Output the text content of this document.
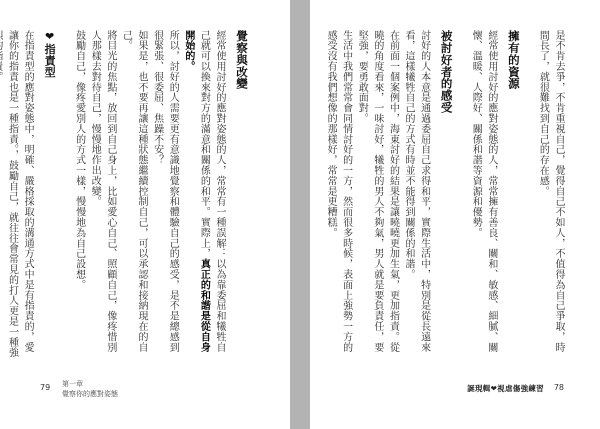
覺察與改變

經常使用討好的應對姿態的人，常常有一種誤解：以為靠委屈和犧牲自己就可以換來對方的滿意和關係的和平。實際上，真正的和諧是從自身開始的。

所以，討好的人需要更有意識地覺察和體驗自己的感受，是不是總感到很緊張、很委屈、焦躁不安？

如果是，也不要再讓這種狀態繼續控制自己，可以承認和接納現在的自己。

將目光的焦點，放回到自己身上，比如愛心自己、照顧自己，像疼惜別人那樣去對待自己，慢慢地作出改變。

鼓勵自己，像疼愛別人的方式一樣，慢慢地為自己設想。

❤指責型

在指責型的應對姿態中，明確、嚴格採取的溝通方式中是有指責的，愛讓你的指責也是一種指責。，鼓勵自己，就往往會常見的打人更是一種強

79 第一章
覺察你的應對姿態

是不肯去爭，不肯重視自己，覺得自己不如人，不值得為自己爭取，時間長了，就很難找到自己的存在感。

擁有的資源

經常使用討好的應對姿態的人，常常擁有善良、關和、敏感、細膩、關懷、溫暖、人際好、關係和諧等資源和優勢。

被討好者的感受

討好的人本意是通過委屈自己求得和平，實際生活中，特別是從長遠來看，這樣犧牲自己的方式有時並不能得到關係的和諧。

在前面一個案例中，海東討好的結果是讓曉曉更加生氣，更加指責。從曉的角度看來，一味討好，犧牲的男人不夠氣，男人就是要負責任，要堅強，要勇敢面對。

生活中我們常常會同情討好的一方，然而很多時候，表面上強勢一方的感受沒有我們想像的那樣好，常常是更糟糕。

誕現輯❤視虐傷強練習 78
